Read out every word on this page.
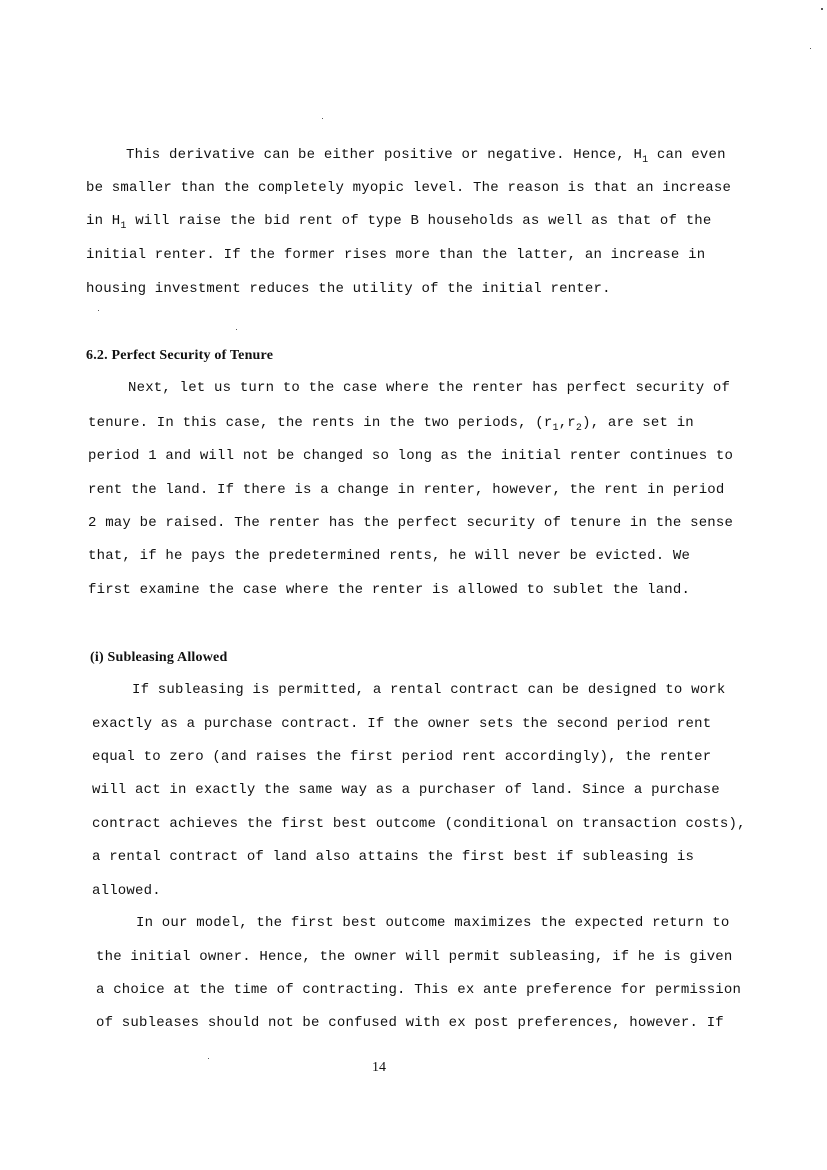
This derivative can be either positive or negative. Hence, $H_1$ can even
be smaller than the completely myopic level. The reason is that an increase
in $H_1$ will raise the bid rent of type B households as well as that of the
initial renter. If the former rises more than the latter, an increase in
housing investment reduces the utility of the initial renter.
6.2. Perfect Security of Tenure
Next, let us turn to the case where the renter has perfect security of
tenure. In this case, the rents in the two periods, $(r_1,r_2)$, are set in
period 1 and will not be changed so long as the initial renter continues to
rent the land. If there is a change in renter, however, the rent in period
2 may be raised. The renter has the perfect security of tenure in the sense
that, if he pays the predetermined rents, he will never be evicted. We
first examine the case where the renter is allowed to sublet the land.
(i) Subleasing Allowed
If subleasing is permitted, a rental contract can be designed to work
exactly as a purchase contract. If the owner sets the second period rent
equal to zero (and raises the first period rent accordingly), the renter
will act in exactly the same way as a purchaser of land. Since a purchase
contract achieves the first best outcome (conditional on transaction costs),
a rental contract of land also attains the first best if subleasing is
allowed.
In our model, the first best outcome maximizes the expected return to
the initial owner. Hence, the owner will permit subleasing, if he is given
a choice at the time of contracting. This ex ante preference for permission
of subleases should not be confused with ex post preferences, however. If
14
